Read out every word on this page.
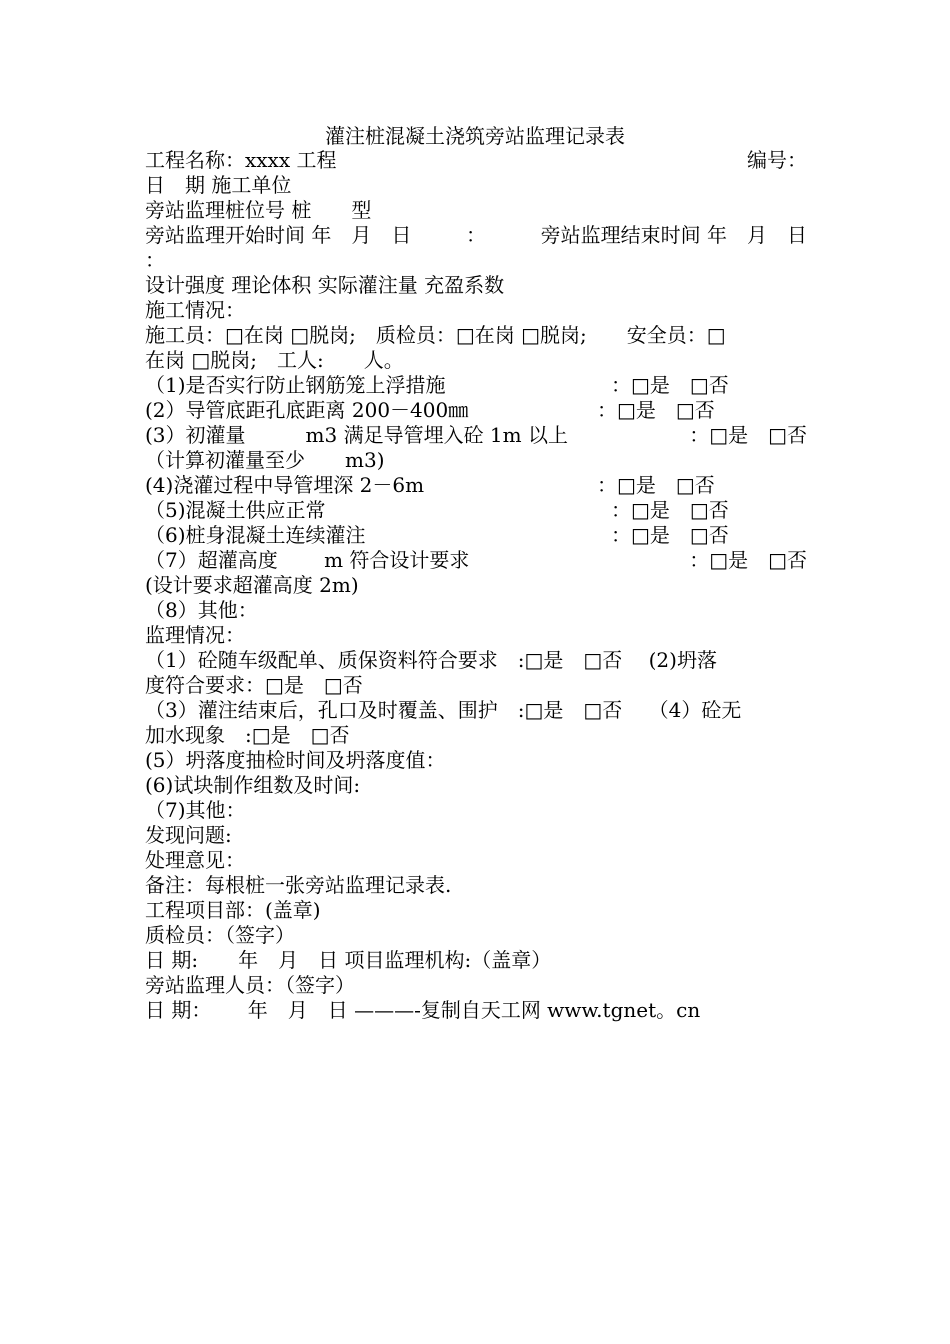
灌注桩混凝土浇筑旁站监理记录表
工程名称：xxxx 工程	编号：
日　期 施工单位
旁站监理桩位号 桩　　型
旁站监理开始时间 年　月　日	：	旁站监理结束时间 年　月　日
：
设计强度 理论体积 实际灌注量 充盈系数
施工情况：
施工员：□在岗 □脱岗;　质检员：□在岗 □脱岗;　　安全员：□
在岗 □脱岗;　工人:　　人。
（1)是否实行防止钢筋笼上浮措施	：□是　□否
(2）导管底距孔底距离 200－400㎜	：□是　□否
(3）初灌量　　　m3 满足导管埋入砼 1m 以上	：□是　□否
（计算初灌量至少　　m3)
(4)浇灌过程中导管埋深 2－6m	：□是　□否
（5)混凝土供应正常	：□是　□否
（6)桩身混凝土连续灌注	：□是　□否
（7）超灌高度　　 m 符合设计要求	：□是　□否
(设计要求超灌高度 2m)
（8）其他：
监理情况：
（1）砼随车级配单、质保资料符合要求　:□是　□否　 (2)坍落
度符合要求：□是　□否
（3）灌注结束后，孔口及时覆盖、围护　:□是　□否　 （4）砼无
加水现象　:□是　□否
(5）坍落度抽检时间及坍落度值：
(6)试块制作组数及时间:
（7)其他：
发现问题:
处理意见：
备注：每根桩一张旁站监理记录表.
工程项目部：(盖章)
质检员：（签字）
日 期:　　年　月　日 项目监理机构:（盖章）
旁站监理人员：（签字）
日 期：　　 年　月　日 ———-复制自天工网 www.tgnet。cn
